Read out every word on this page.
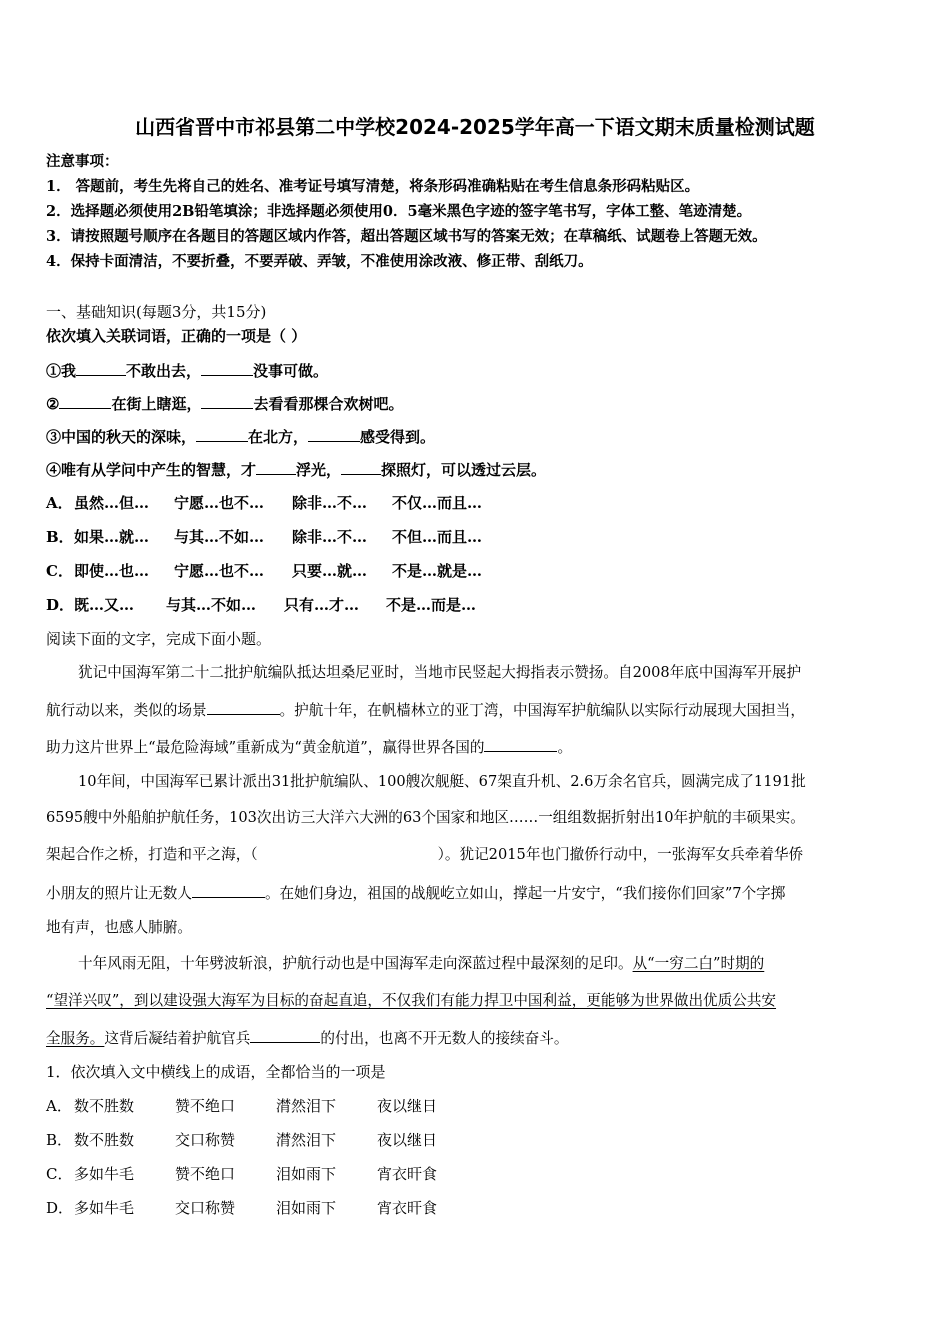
山西省晋中市祁县第二中学校2024-2025学年高一下语文期末质量检测试题
注意事项：
1． 答题前，考生先将自己的姓名、准考证号填写清楚，将条形码准确粘贴在考生信息条形码粘贴区。
2．选择题必须使用2B铅笔填涂；非选择题必须使用0．5毫米黑色字迹的签字笔书写，字体工整、笔迹清楚。
3．请按照题号顺序在各题目的答题区域内作答，超出答题区域书写的答案无效；在草稿纸、试题卷上答题无效。
4．保持卡面清洁，不要折叠，不要弄破、弄皱，不准使用涂改液、修正带、刮纸刀。
一、基础知识(每题3分，共15分)
依次填入关联词语，正确的一项是（ ）
①我	不敢出去，	没事可做。
②	在街上瞎逛，	去看看那棵合欢树吧。
③中国的秋天的深味，	在北方，	感受得到。
④唯有从学问中产生的智慧，才	浮光，	探照灯，可以透过云层。
A．虽然…但… 宁愿…也不… 除非…不… 不仅…而且…
B．如果…就… 与其…不如… 除非…不… 不但…而且…
C．即使…也… 宁愿…也不… 只要…就… 不是…就是…
D．既…又… 与其…不如… 只有…才… 不是…而是…
阅读下面的文字，完成下面小题。
犹记中国海军第二十二批护航编队抵达坦桑尼亚时，当地市民竖起大拇指表示赞扬。自2008年底中国海军开展护
航行动以来，类似的场景	。护航十年，在帆樯林立的亚丁湾，中国海军护航编队以实际行动展现大国担当，
助力这片世界上“最危险海域”重新成为“黄金航道”，赢得世界各国的	。
10年间，中国海军已累计派出31批护航编队、100艘次舰艇、67架直升机、2.6万余名官兵，圆满完成了1191批
6595艘中外船舶护航任务，103次出访三大洋六大洲的63个国家和地区……一组组数据折射出10年护航的丰硕果实。
架起合作之桥，打造和平之海，（	）。犹记2015年也门撤侨行动中，一张海军女兵牵着华侨
小朋友的照片让无数人	。在她们身边，祖国的战舰屹立如山，撑起一片安宁，“我们接你们回家”7个字掷
地有声，也感人肺腑。
十年风雨无阻，十年劈波斩浪，护航行动也是中国海军走向深蓝过程中最深刻的足印。从“一穷二白”时期的
“望洋兴叹”，到以建设强大海军为目标的奋起直追，不仅我们有能力捍卫中国利益，更能够为世界做出优质公共安
全服务。这背后凝结着护航官兵	的付出，也离不开无数人的接续奋斗。
1．依次填入文中横线上的成语，全都恰当的一项是
A． 数不胜数	赞不绝口	潸然泪下	夜以继日
B． 数不胜数	交口称赞	潸然泪下	夜以继日
C． 多如牛毛	赞不绝口	泪如雨下	宵衣旰食
D．多如牛毛	交口称赞	泪如雨下	宵衣旰食
